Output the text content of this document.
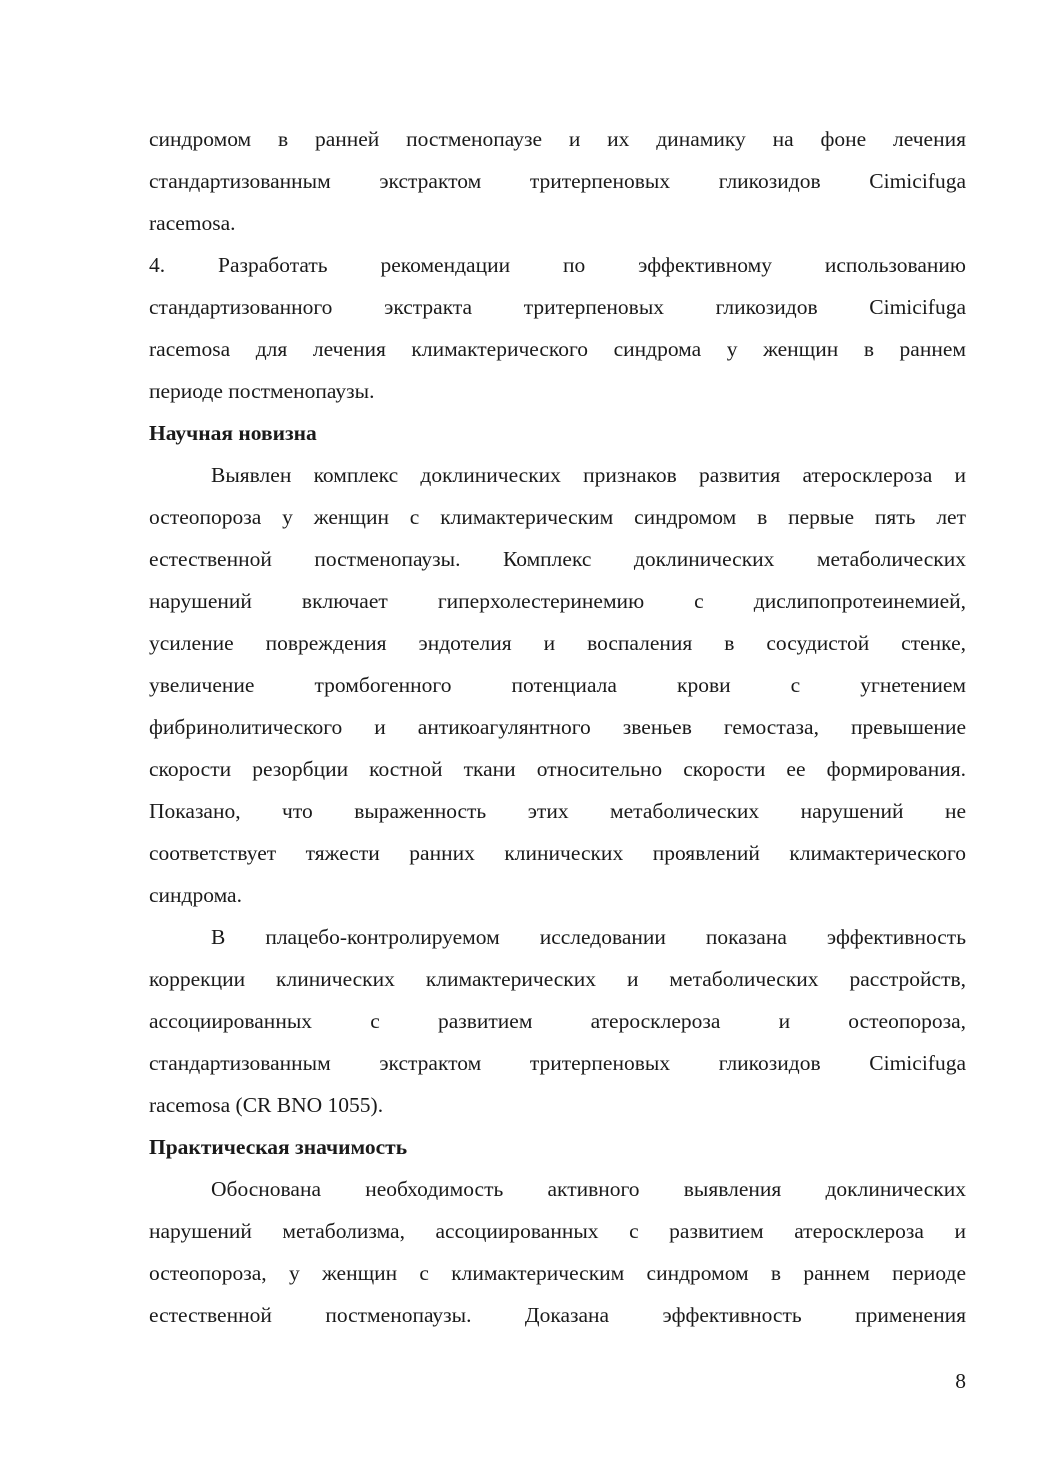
синдромом в ранней постменопаузе и их динамику на фоне лечения
стандартизованным экстрактом тритерпеновых гликозидов Cimicifuga
racemosa.
4. Разработать рекомендации по эффективному использованию
стандартизованного экстракта тритерпеновых гликозидов Cimicifuga
racemosa для лечения климактерического синдрома у женщин в раннем
периоде постменопаузы.
Научная новизна
Выявлен комплекс доклинических признаков развития атеросклероза и
остеопороза у женщин с климактерическим синдромом в первые пять лет
естественной постменопаузы. Комплекс доклинических метаболических
нарушений включает гиперхолестеринемию с дислипопротеинемией,
усиление повреждения эндотелия и воспаления в сосудистой стенке,
увеличение тромбогенного потенциала крови с угнетением
фибринолитического и антикоагулянтного звеньев гемостаза, превышение
скорости резорбции костной ткани относительно скорости ее формирования.
Показано, что выраженность этих метаболических нарушений не
соответствует тяжести ранних клинических проявлений климактерического
синдрома.
В плацебо-контролируемом исследовании показана эффективность
коррекции клинических климактерических и метаболических расстройств,
ассоциированных с развитием атеросклероза и остеопороза,
стандартизованным экстрактом тритерпеновых гликозидов Cimicifuga
racemosa (CR BNO 1055).
Практическая значимость
Обоснована необходимость активного выявления доклинических
нарушений метаболизма, ассоциированных с развитием атеросклероза и
остеопороза, у женщин с климактерическим синдромом в раннем периоде
естественной постменопаузы. Доказана эффективность применения
8
